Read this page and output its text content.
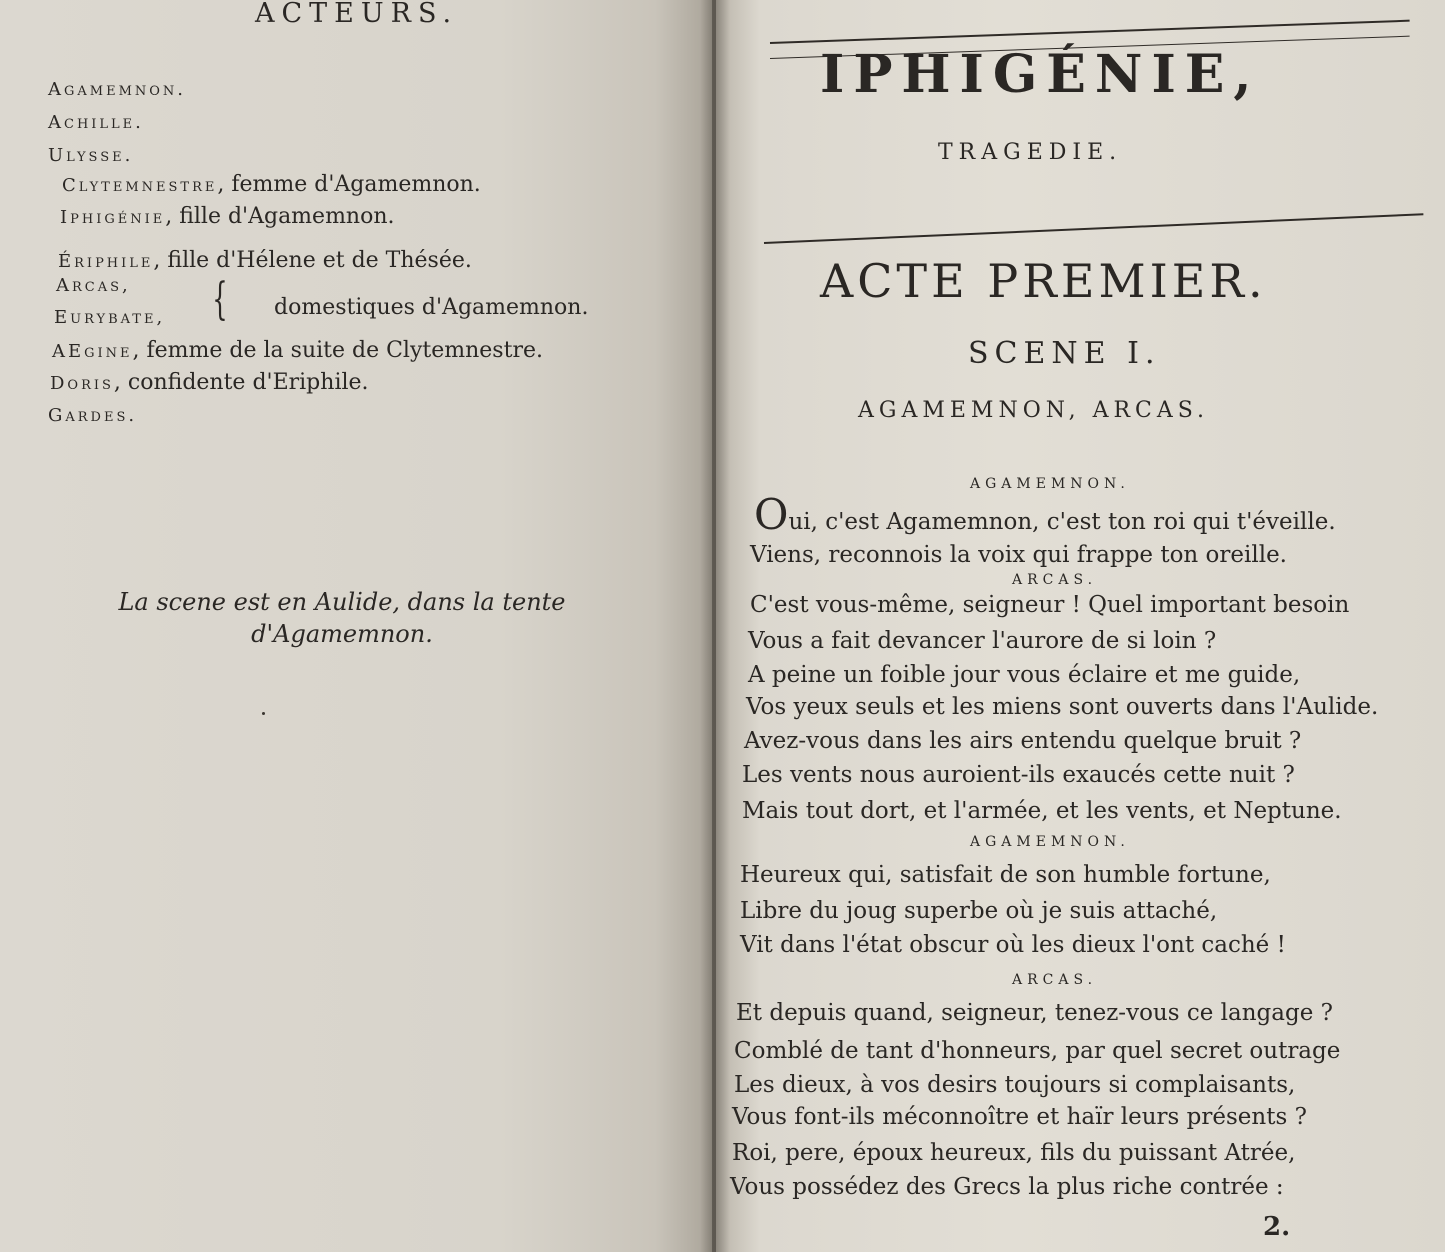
ACTEURS.
Agamemnon.
Achille.
Ulysse.
Clytemnestre, femme d'Agamemnon.
Iphigénie, fille d'Agamemnon.
Ériphile, fille d'Hélene et de Thésée.
Arcas,
Eurybate,
AEgine, femme de la suite de Clytemnestre.
Doris, confidente d'Eriphile.
Gardes.
{ domestiques d'Agamemnon.
La scene est en Aulide, dans la tente
d'Agamemnon.
IPHIGÉNIE,
TRAGEDIE.
ACTE PREMIER.
SCENE I.
AGAMEMNON, ARCAS.
AGAMEMNON.
Oui, c'est Agamemnon, c'est ton roi qui t'éveille.
Viens, reconnois la voix qui frappe ton oreille.
ARCAS.
C'est vous-même, seigneur ! Quel important besoin
Vous a fait devancer l'aurore de si loin ?
A peine un foible jour vous éclaire et me guide,
Vos yeux seuls et les miens sont ouverts dans l'Aulide.
Avez-vous dans les airs entendu quelque bruit ?
Les vents nous auroient-ils exaucés cette nuit ?
Mais tout dort, et l'armée, et les vents, et Neptune.
AGAMEMNON.
Heureux qui, satisfait de son humble fortune,
Libre du joug superbe où je suis attaché,
Vit dans l'état obscur où les dieux l'ont caché !
ARCAS.
Et depuis quand, seigneur, tenez-vous ce langage ?
Comblé de tant d'honneurs, par quel secret outrage
Les dieux, à vos desirs toujours si complaisants,
Vous font-ils méconnoître et haïr leurs présents ?
Roi, pere, époux heureux, fils du puissant Atrée,
Vous possédez des Grecs la plus riche contrée :
2.
